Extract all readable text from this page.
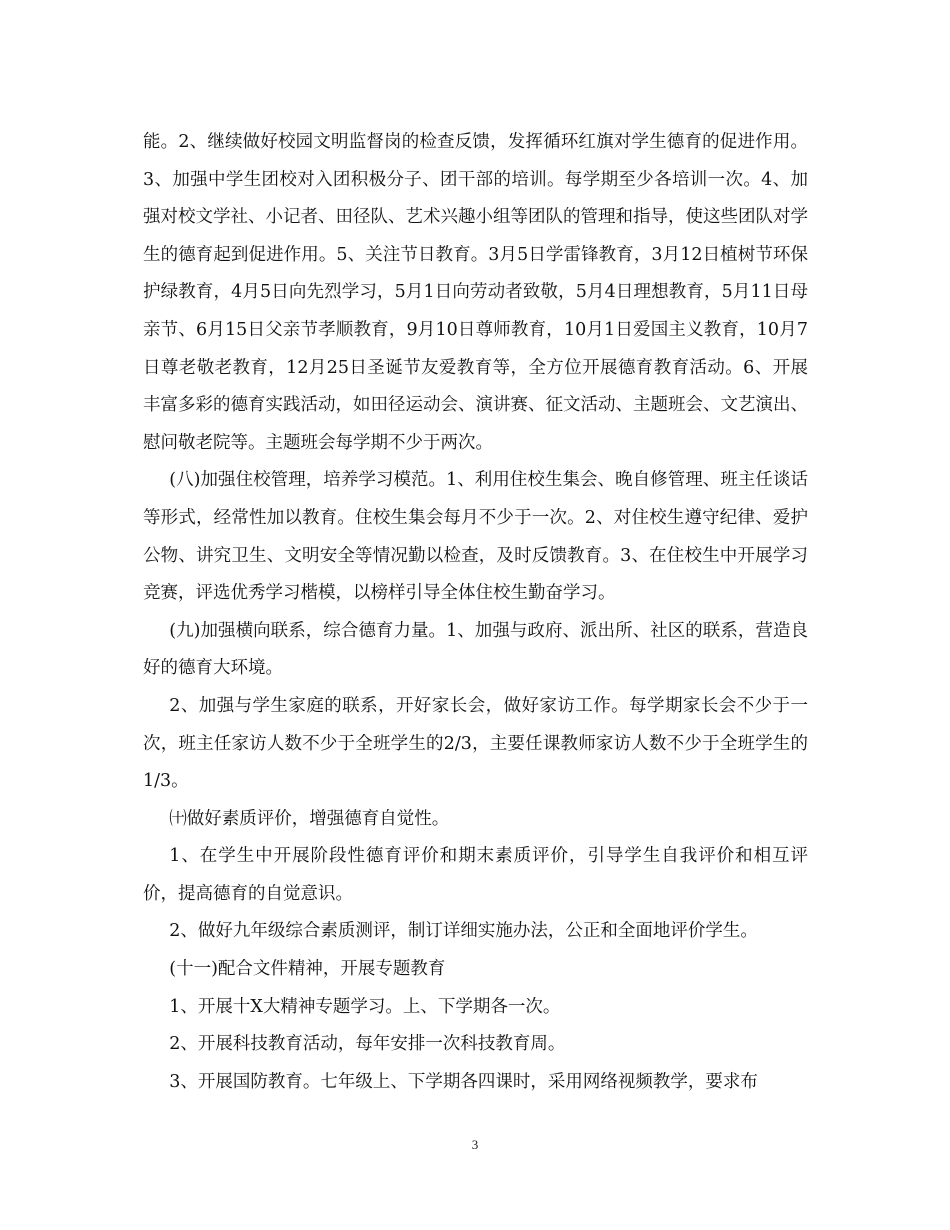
能。2、继续做好校园文明监督岗的检查反馈，发挥循环红旗对学生德育的促进作用。3、加强中学生团校对入团积极分子、团干部的培训。每学期至少各培训一次。4、加强对校文学社、小记者、田径队、艺术兴趣小组等团队的管理和指导，使这些团队对学生的德育起到促进作用。5、关注节日教育。3月5日学雷锋教育，3月12日植树节环保护绿教育，4月5日向先烈学习，5月1日向劳动者致敬，5月4日理想教育，5月11日母亲节、6月15日父亲节孝顺教育，9月10日尊师教育，10月1日爱国主义教育，10月7日尊老敬老教育，12月25日圣诞节友爱教育等，全方位开展德育教育活动。6、开展丰富多彩的德育实践活动，如田径运动会、演讲赛、征文活动、主题班会、文艺演出、慰问敬老院等。主题班会每学期不少于两次。

(八)加强住校管理，培养学习模范。1、利用住校生集会、晚自修管理、班主任谈话等形式，经常性加以教育。住校生集会每月不少于一次。2、对住校生遵守纪律、爱护公物、讲究卫生、文明安全等情况勤以检查，及时反馈教育。3、在住校生中开展学习竞赛，评选优秀学习楷模，以榜样引导全体住校生勤奋学习。

(九)加强横向联系，综合德育力量。1、加强与政府、派出所、社区的联系，营造良好的德育大环境。

2、加强与学生家庭的联系，开好家长会，做好家访工作。每学期家长会不少于一次，班主任家访人数不少于全班学生的2/3，主要任课教师家访人数不少于全班学生的1/3。

㈩做好素质评价，增强德育自觉性。

1、在学生中开展阶段性德育评价和期末素质评价，引导学生自我评价和相互评价，提高德育的自觉意识。

2、做好九年级综合素质测评，制订详细实施办法，公正和全面地评价学生。

(十一)配合文件精神，开展专题教育

1、开展十X大精神专题学习。上、下学期各一次。

2、开展科技教育活动，每年安排一次科技教育周。

3、开展国防教育。七年级上、下学期各四课时，采用网络视频教学，要求布

3
